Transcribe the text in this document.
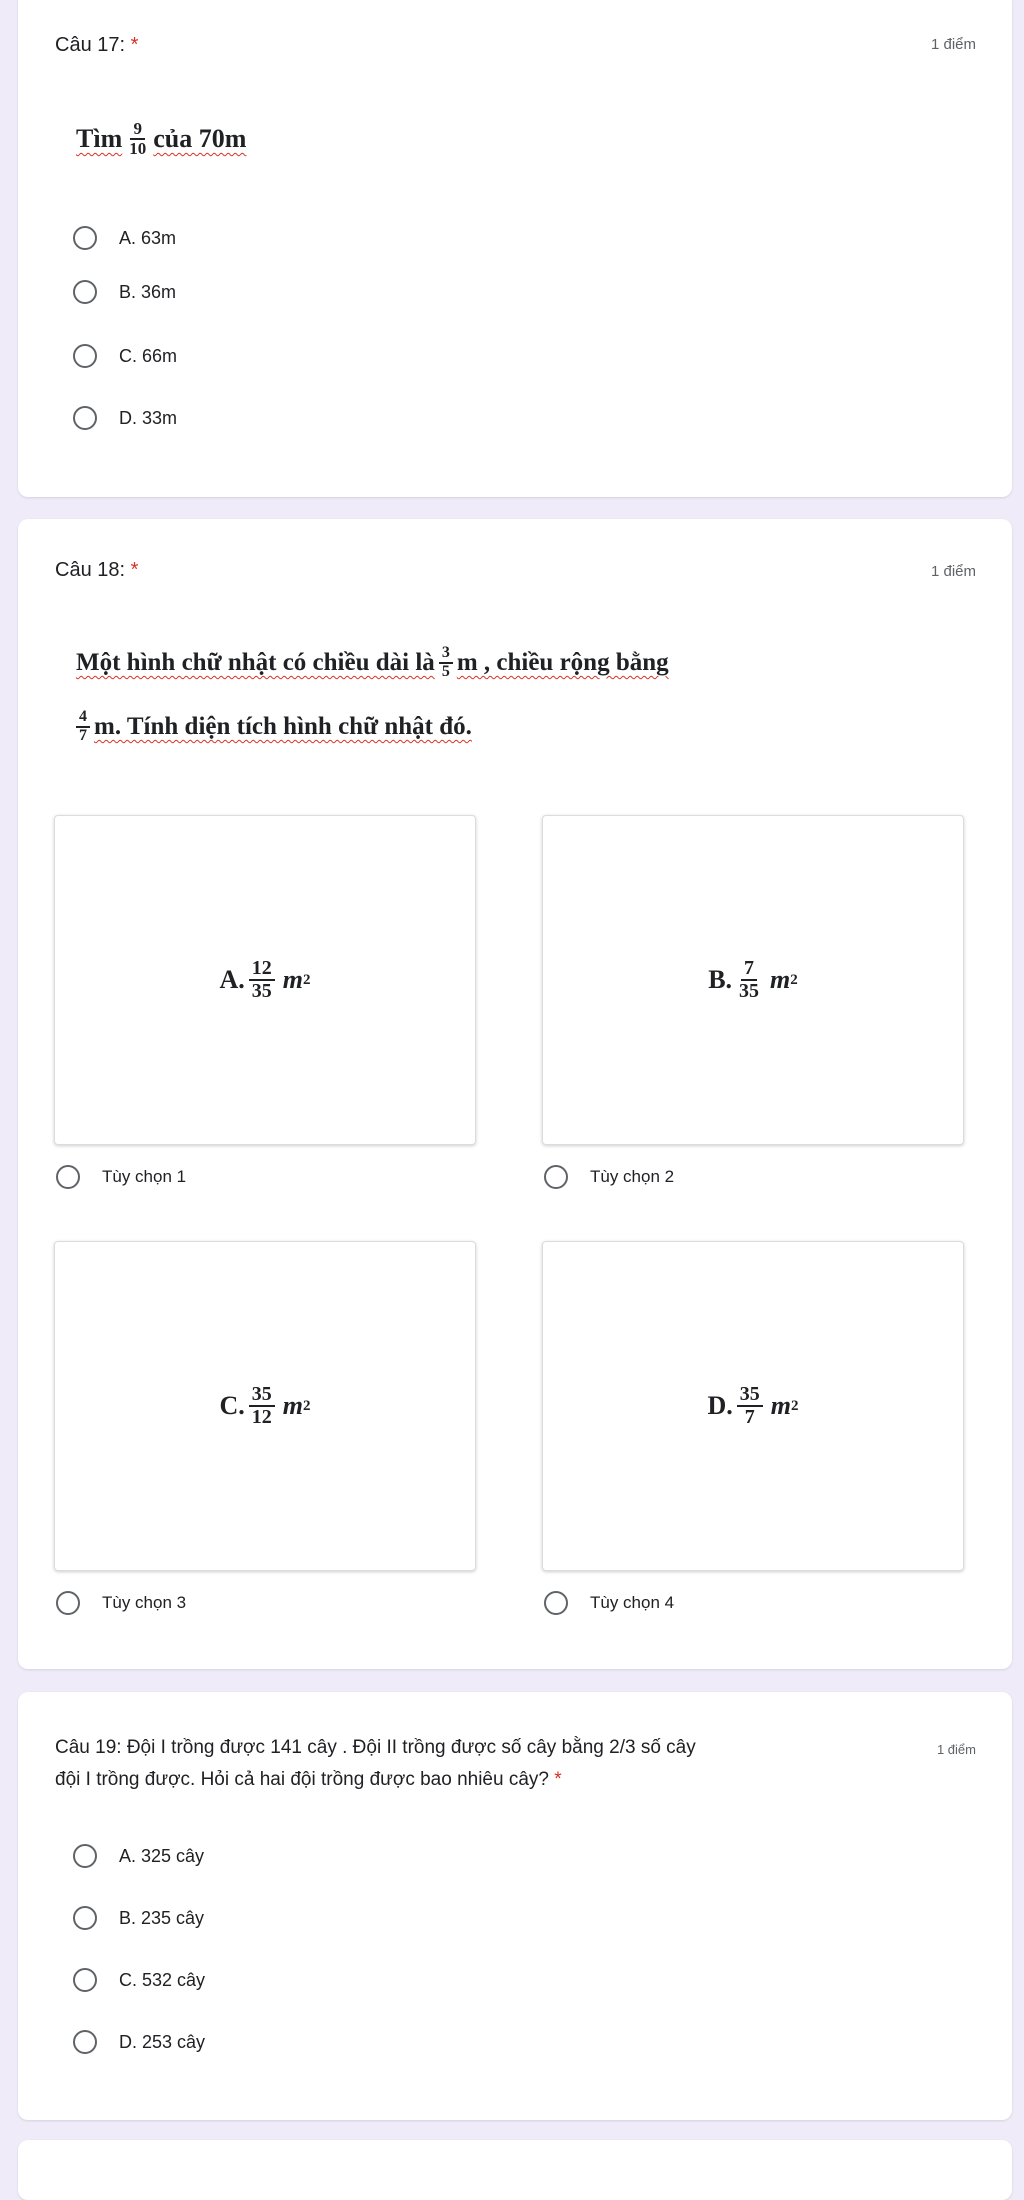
Câu 17: *	1 điểm
Tìm $\frac{9}{10}$ của 70m
A. 63m
B. 36m
C. 66m
D. 33m
Câu 18: *	1 điểm
Một hình chữ nhật có chiều dài là $\frac{3}{5}$ m , chiều rộng bằng
$\frac{4}{7} m$. Tính diện tích hình chữ nhật đó.
A. $\frac{12}{35}$ m 2
Tùy chọn 1
B. $\frac{7}{35}$ m 2
Tùy chọn 2
C. $\frac{35}{12}$ m 2
Tùy chọn 3
D. $\frac{35}{7}$ m 2
Tùy chọn 4
Câu 19: Đội I trồng được 141 cây . Đội II trồng được số cây bằng 2/3 số cây
đội I trồng được. Hỏi cả hai đội trồng được bao nhiêu cây? *
1 điểm
A. 325 cây
B. 235 cây
C. 532 cây
D. 253 cây
